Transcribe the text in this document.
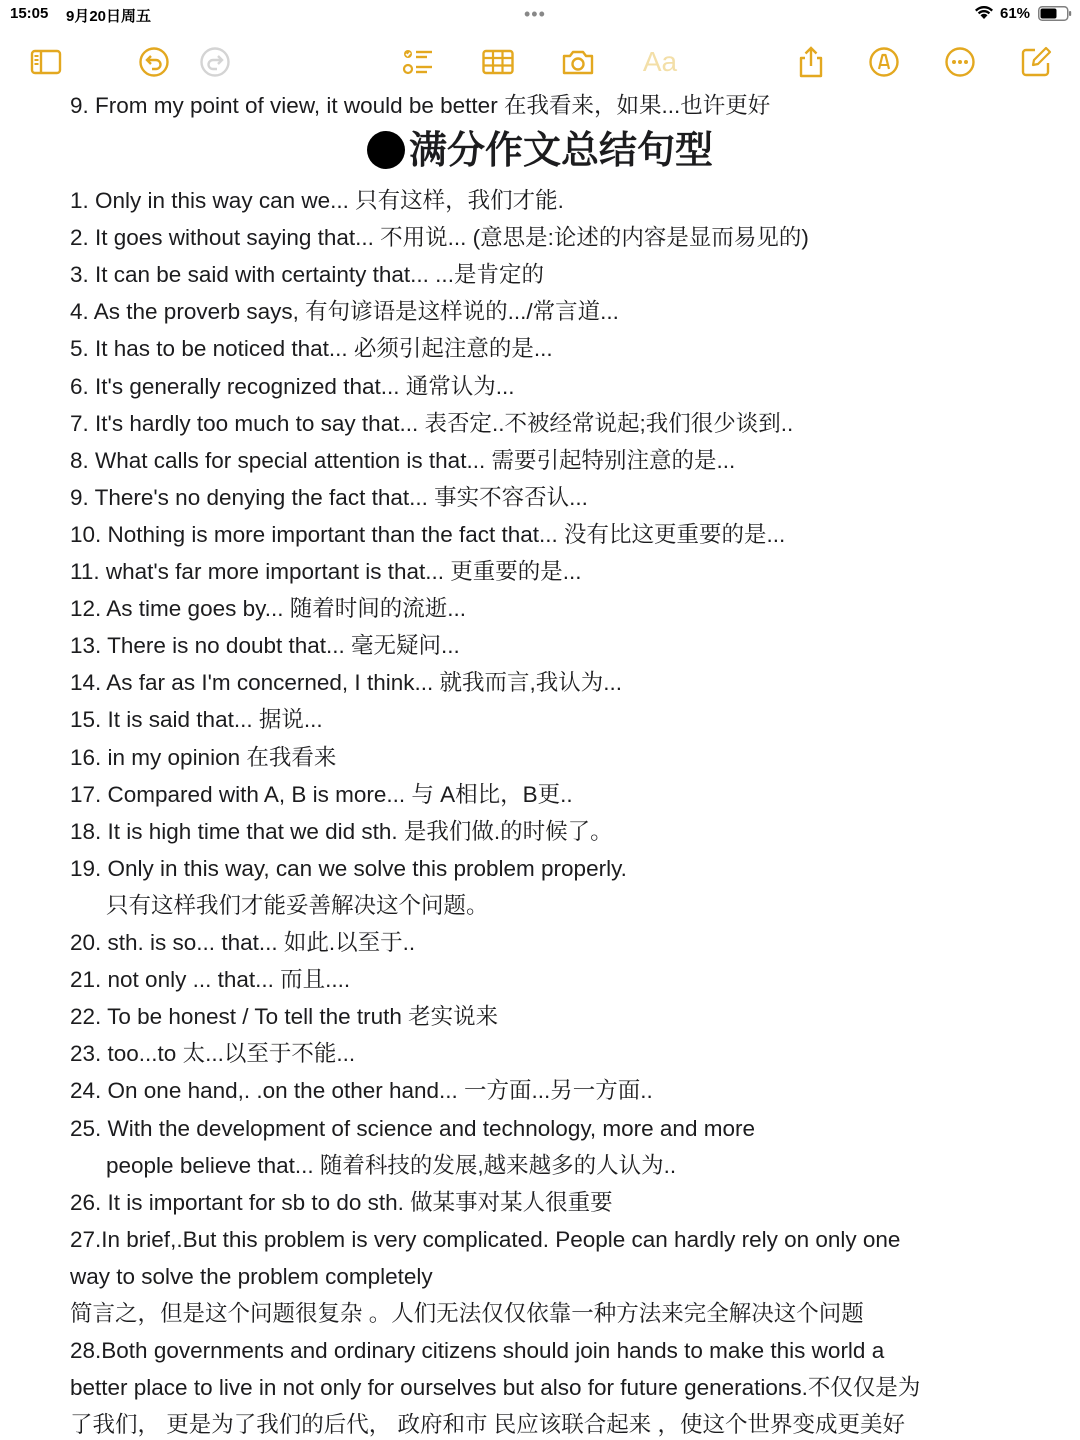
15:05 9月20日周五	•••	61%
Aa
9. From my point of view, it would be better 在我看来，如果...也许更好
满分作文总结句型
1. Only in this way can we... 只有这样，我们才能.
2. It goes without saying that... 不用说... (意思是:论述的内容是显而易见的)
3. It can be said with certainty that... ...是肯定的
4. As the proverb says, 有句谚语是这样说的.../常言道...
5. It has to be noticed that... 必须引起注意的是...
6. It's generally recognized that... 通常认为...
7. It's hardly too much to say that... 表否定..不被经常说起;我们很少谈到..
8. What calls for special attention is that... 需要引起特别注意的是...
9. There's no denying the fact that... 事实不容否认...
10. Nothing is more important than the fact that... 没有比这更重要的是...
11. what's far more important is that... 更重要的是...
12. As time goes by... 随着时间的流逝...
13. There is no doubt that... 毫无疑问...
14. As far as I'm concerned, I think... 就我而言,我认为...
15. It is said that... 据说...
16. in my opinion 在我看来
17. Compared with A, B is more... 与 A相比，B更..
18. It is high time that we did sth. 是我们做.的时候了。
19. Only in this way, can we solve this problem properly.
只有这样我们才能妥善解决这个问题。
20. sth. is so... that... 如此.以至于..
21. not only ... that... 而且....
22. To be honest / To tell the truth 老实说来
23. too...to 太...以至于不能...
24. On one hand,. .on the other hand... 一方面...另一方面..
25. With the development of science and technology, more and more
people believe that... 随着科技的发展,越来越多的人认为..
26. It is important for sb to do sth. 做某事对某人很重要
27.In brief,.But this problem is very complicated. People can hardly rely on only one
way to solve the problem completely
简言之，但是这个问题很复杂 。人们无法仅仅依靠一种方法来完全解决这个问题
28.Both governments and ordinary citizens should join hands to make this world a
better place to live in not only for ourselves but also for future generations.不仅仅是为
了我们， 更是为了我们的后代， 政府和市 民应该联合起来 ，使这个世界变成更美好
